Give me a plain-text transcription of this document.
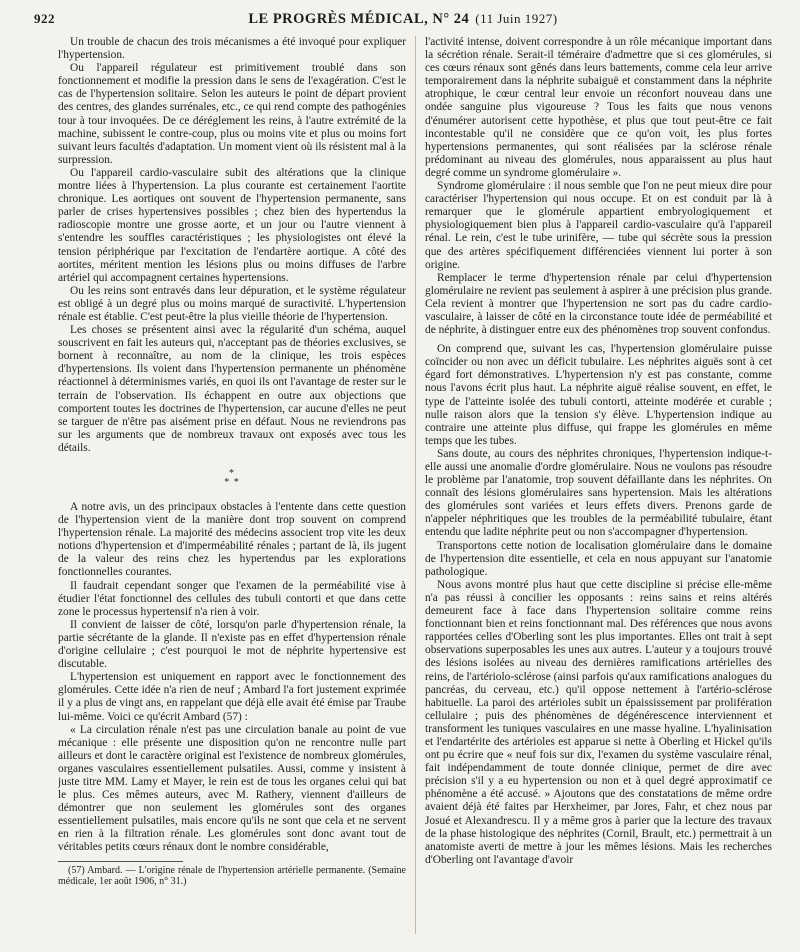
922	LE PROGRÈS MÉDICAL, N° 24 (11 Juin 1927)

Un trouble de chacun des trois mécanismes a été invoqué pour expliquer l'hypertension.

Ou l'appareil régulateur est primitivement troublé dans son fonctionnement et modifie la pression dans le sens de l'exagération. C'est le cas de l'hypertension solitaire. Selon les auteurs le point de départ provient des centres, des glandes surrénales, etc., ce qui rend compte des pathogénies tour à tour invoquées. De ce déréglement les reins, à l'autre extrémité de la machine, subissent le contre-coup, plus ou moins vite et plus ou moins fort suivant leurs facultés d'adaptation. Un moment vient où ils résistent mal à la surpression.

Ou l'appareil cardio-vasculaire subit des altérations que la clinique montre liées à l'hypertension. La plus courante est certainement l'aortite chronique. Les aortiques ont souvent de l'hypertension permanente, sans parler de crises hypertensives possibles ; chez bien des hypertendus la radioscopie montre une grosse aorte, et un jour ou l'autre viennent à s'entendre les souffles caractéristiques ; les physiologistes ont élevé la tension périphérique par l'excitation de l'endartère aortique. A côté des aortites, méritent mention les lésions plus ou moins diffuses de l'arbre artériel qui accompagnent certaines hypertensions.

Ou les reins sont entravés dans leur dépuration, et le système régulateur est obligé à un degré plus ou moins marqué de suractivité. L'hypertension rénale est établie. C'est peut-être la plus vieille théorie de l'hypertension.

Les choses se présentent ainsi avec la régularité d'un schéma, auquel souscrivent en fait les auteurs qui, n'acceptant pas de théories exclusives, se bornent à reconnaître, au nom de la clinique, les trois espèces d'hypertensions. Ils voient dans l'hypertension permanente un phénomène réactionnel à déterminismes variés, en quoi ils ont l'avantage de rester sur le terrain de l'observation. Ils échappent en outre aux objections que comportent toutes les doctrines de l'hypertension, car aucune d'elles ne peut se targuer de n'être pas aisément prise en défaut. Nous ne reviendrons pas sur les arguments que de nombreux travaux ont exposés avec tous les détails.

*
* *

A notre avis, un des principaux obstacles à l'entente dans cette question de l'hypertension vient de la manière dont trop souvent on comprend l'hypertension rénale. La majorité des médecins associent trop vite les deux notions d'hypertension et d'imperméabilité rénales ; partant de là, ils jugent de la valeur des reins chez les hypertendus par les explorations fonctionnelles courantes.

Il faudrait cependant songer que l'examen de la perméabilité vise à étudier l'état fonctionnel des cellules des tubuli contorti et que dans cette zone le processus hypertensif n'a rien à voir.

Il convient de laisser de côté, lorsqu'on parle d'hypertension rénale, la partie sécrétante de la glande. Il n'existe pas en effet d'hypertension rénale d'origine cellulaire ; c'est pourquoi le mot de néphrite hypertensive est discutable.

L'hypertension est uniquement en rapport avec le fonctionnement des glomérules. Cette idée n'a rien de neuf ; Ambard l'a fort justement exprimée il y a plus de vingt ans, en rappelant que déjà elle avait été émise par Traube lui-même. Voici ce qu'écrit Ambard (57) :

« La circulation rénale n'est pas une circulation banale au point de vue mécanique : elle présente une disposition qu'on ne rencontre nulle part ailleurs et dont le caractère original est l'existence de nombreux glomérules, organes vasculaires essentiellement pulsatiles. Aussi, comme y insistent à juste titre MM. Lamy et Mayer, le rein est de tous les organes celui qui bat le plus. Ces mêmes auteurs, avec M. Rathery, viennent d'ailleurs de démontrer que non seulement les glomérules sont des organes essentiellement pulsatiles, mais encore qu'ils ne sont que cela et ne servent en rien à la filtration rénale. Les glomérules sont donc avant tout de véritables petits cœurs rénaux dont le nombre considérable,

(57) Ambard. — L'origine rénale de l'hypertension artérielle permanente. (Semaine médicale, 1er août 1906, n° 31.)

l'activité intense, doivent correspondre à un rôle mécanique important dans la sécrétion rénale. Serait-il téméraire d'admettre que si ces glomérules, si ces cœurs rénaux sont gênés dans leurs battements, comme cela leur arrive temporairement dans la néphrite subaiguë et constamment dans la néphrite atrophique, le cœur central leur envoie un réconfort nouveau dans une ondée sanguine plus vigoureuse ? Tous les faits que nous venons d'énumérer autorisent cette hypothèse, et plus que tout peut-être ce fait incontestable qu'il ne considère que ce qu'on voit, les plus fortes hypertensions permanentes, qui sont réalisées par la sclérose rénale prédominant au niveau des glomérules, nous apparaissent au plus haut degré comme un syndrome glomérulaire ».

Syndrome glomérulaire : il nous semble que l'on ne peut mieux dire pour caractériser l'hypertension qui nous occupe. Et on est conduit par là à remarquer que le glomérule appartient embryologiquement et physiologiquement bien plus à l'appareil cardio-vasculaire qu'à l'appareil rénal. Le rein, c'est le tube urinifère, — tube qui sécrète sous la pression que des artères spécifiquement différenciées viennent lui porter à son origine.

Remplacer le terme d'hypertension rénale par celui d'hypertension glomérulaire ne revient pas seulement à aspirer à une précision plus grande. Cela revient à montrer que l'hypertension ne sort pas du cadre cardio-vasculaire, à laisser de côté en la circonstance toute idée de perméabilité et de néphrite, à distinguer entre eux des phénomènes trop souvent confondus.

On comprend que, suivant les cas, l'hypertension glomérulaire puisse coïncider ou non avec un déficit tubulaire. Les néphrites aiguës sont à cet égard fort démonstratives. L'hypertension n'y est pas constante, comme nous l'avons écrit plus haut. La néphrite aiguë réalise souvent, en effet, le type de l'atteinte isolée des tubuli contorti, atteinte modérée et curable ; nulle raison alors que la tension s'y élève. L'hypertension indique au contraire une atteinte plus diffuse, qui frappe les glomérules en même temps que les tubes.

Sans doute, au cours des néphrites chroniques, l'hypertension indique-t-elle aussi une anomalie d'ordre glomérulaire. Nous ne voulons pas résoudre le problème par l'anatomie, trop souvent défaillante dans les néphrites. On connaît des lésions glomérulaires sans hypertension. Mais les altérations des glomérules sont variées et leurs effets divers. Prenons garde de n'appeler néphritiques que les troubles de la perméabilité tubulaire, étant entendu que ladite néphrite peut ou non s'accompagner d'hypertension.

Transportons cette notion de localisation glomérulaire dans le domaine de l'hypertension dite essentielle, et cela en nous appuyant sur l'anatomie pathologique.

Nous avons montré plus haut que cette discipline si précise elle-même n'a pas réussi à concilier les opposants : reins sains et reins altérés demeurent face à face dans l'hypertension solitaire comme reins fonctionnant bien et reins fonctionnant mal. Des références que nous avons rapportées celles d'Oberling sont les plus importantes. Elles ont trait à sept observations superposables les unes aux autres. L'auteur y a toujours trouvé des lésions isolées au niveau des dernières ramifications artérielles des reins, de l'artériolo-sclérose (ainsi parfois qu'aux ramifications analogues du pancréas, du cerveau, etc.) qu'il oppose nettement à l'artério-sclérose habituelle. La paroi des artérioles subit un épaississement par prolifération cellulaire ; puis des phénomènes de dégénérescence interviennent et transforment les tuniques vasculaires en une masse hyaline. L'hyalinisation et l'endartérite des artérioles est apparue si nette à Oberling et Hickel qu'ils ont pu écrire que « neuf fois sur dix, l'examen du système vasculaire rénal, fait indépendamment de toute donnée clinique, permet de dire avec précision s'il y a eu hypertension ou non et à quel degré approximatif ce phénomène a été accusé. » Ajoutons que des constatations de même ordre avaient déjà été faites par Herxheimer, par Jores, Fahr, et chez nous par Josué et Alexandrescu. Il y a même gros à parier que la lecture des travaux de la phase histologique des néphrites (Cornil, Brault, etc.) permettrait à un anatomiste averti de mettre à jour les mêmes lésions. Mais les recherches d'Oberling ont l'avantage d'avoir
